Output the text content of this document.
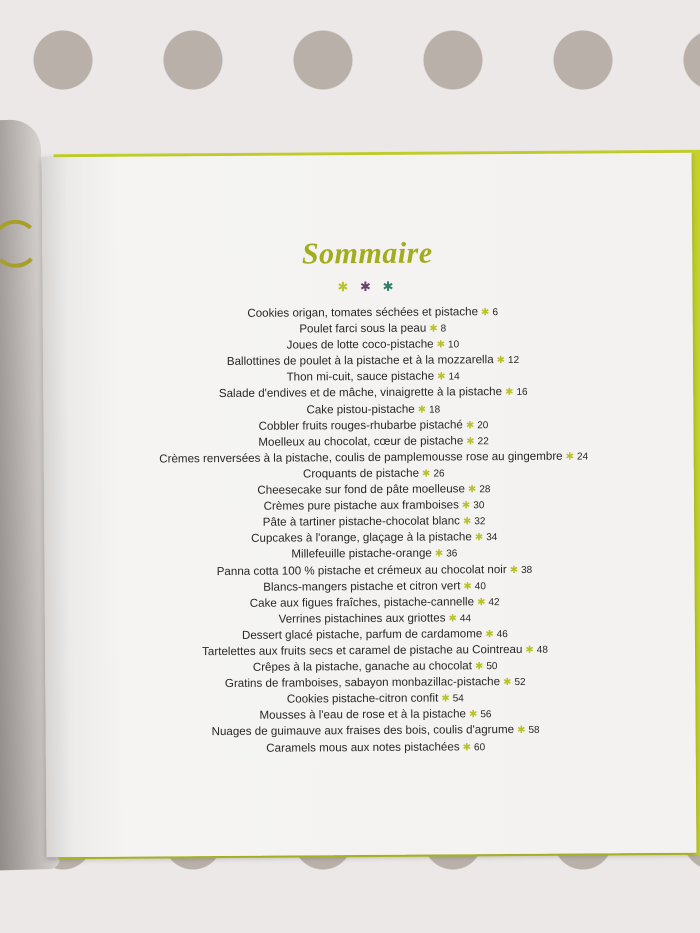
Sommaire
✱ ✱ ✱
Cookies origan, tomates séchées et pistache ✱ 6
Poulet farci sous la peau ✱ 8
Joues de lotte coco-pistache ✱ 10
Ballottines de poulet à la pistache et à la mozzarella ✱ 12
Thon mi-cuit, sauce pistache ✱ 14
Salade d'endives et de mâche, vinaigrette à la pistache ✱ 16
Cake pistou-pistache ✱ 18
Cobbler fruits rouges-rhubarbe pistaché ✱ 20
Moelleux au chocolat, cœur de pistache ✱ 22
Crèmes renversées à la pistache, coulis de pamplemousse rose au gingembre ✱ 24
Croquants de pistache ✱ 26
Cheesecake sur fond de pâte moelleuse ✱ 28
Crèmes pure pistache aux framboises ✱ 30
Pâte à tartiner pistache-chocolat blanc ✱ 32
Cupcakes à l'orange, glaçage à la pistache ✱ 34
Millefeuille pistache-orange ✱ 36
Panna cotta 100 % pistache et crémeux au chocolat noir ✱ 38
Blancs-mangers pistache et citron vert ✱ 40
Cake aux figues fraîches, pistache-cannelle ✱ 42
Verrines pistachines aux griottes ✱ 44
Dessert glacé pistache, parfum de cardamome ✱ 46
Tartelettes aux fruits secs et caramel de pistache au Cointreau ✱ 48
Crêpes à la pistache, ganache au chocolat ✱ 50
Gratins de framboises, sabayon monbazillac-pistache ✱ 52
Cookies pistache-citron confit ✱ 54
Mousses à l'eau de rose et à la pistache ✱ 56
Nuages de guimauve aux fraises des bois, coulis d'agrume ✱ 58
Caramels mous aux notes pistachées ✱ 60
